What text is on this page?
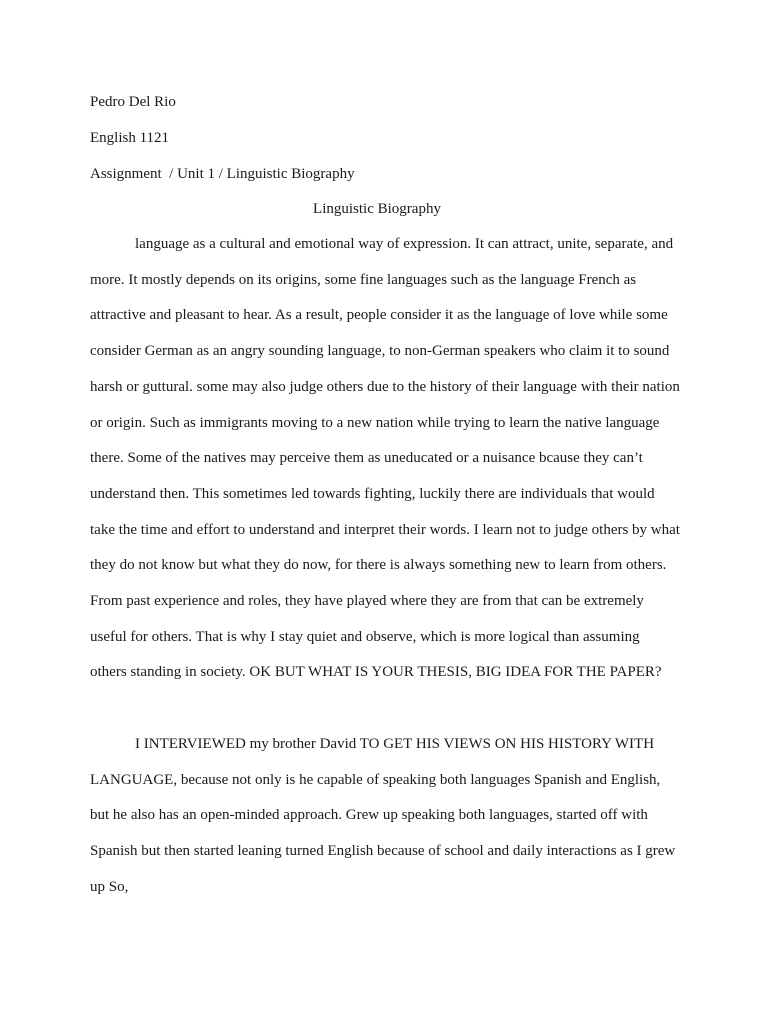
Pedro Del Rio
English 1121
Assignment  / Unit 1 / Linguistic Biography
Linguistic Biography

language as a cultural and emotional way of expression. It can attract, unite, separate, and more. It mostly depends on its origins, some fine languages such as the language French as attractive and pleasant to hear. As a result, people consider it as the language of love while some consider German as an angry sounding language, to non-German speakers who claim it to sound harsh or guttural. some may also judge others due to the history of their language with their nation or origin. Such as immigrants moving to a new nation while trying to learn the native language there. Some of the natives may perceive them as uneducated or a nuisance bcause they can’t understand then. This sometimes led towards fighting, luckily there are individuals that would take the time and effort to understand and interpret their words. I learn not to judge others by what they do not know but what they do now, for there is always something new to learn from others. From past experience and roles, they have played where they are from that can be extremely useful for others. That is why I stay quiet and observe, which is more logical than assuming others standing in society. OK BUT WHAT IS YOUR THESIS, BIG IDEA FOR THE PAPER?

I INTERVIEWED my brother David TO GET HIS VIEWS ON HIS HISTORY WITH LANGUAGE, because not only is he capable of speaking both languages Spanish and English, but he also has an open-minded approach. Grew up speaking both languages, started off with Spanish but then started leaning turned English because of school and daily interactions as I grew up So,
